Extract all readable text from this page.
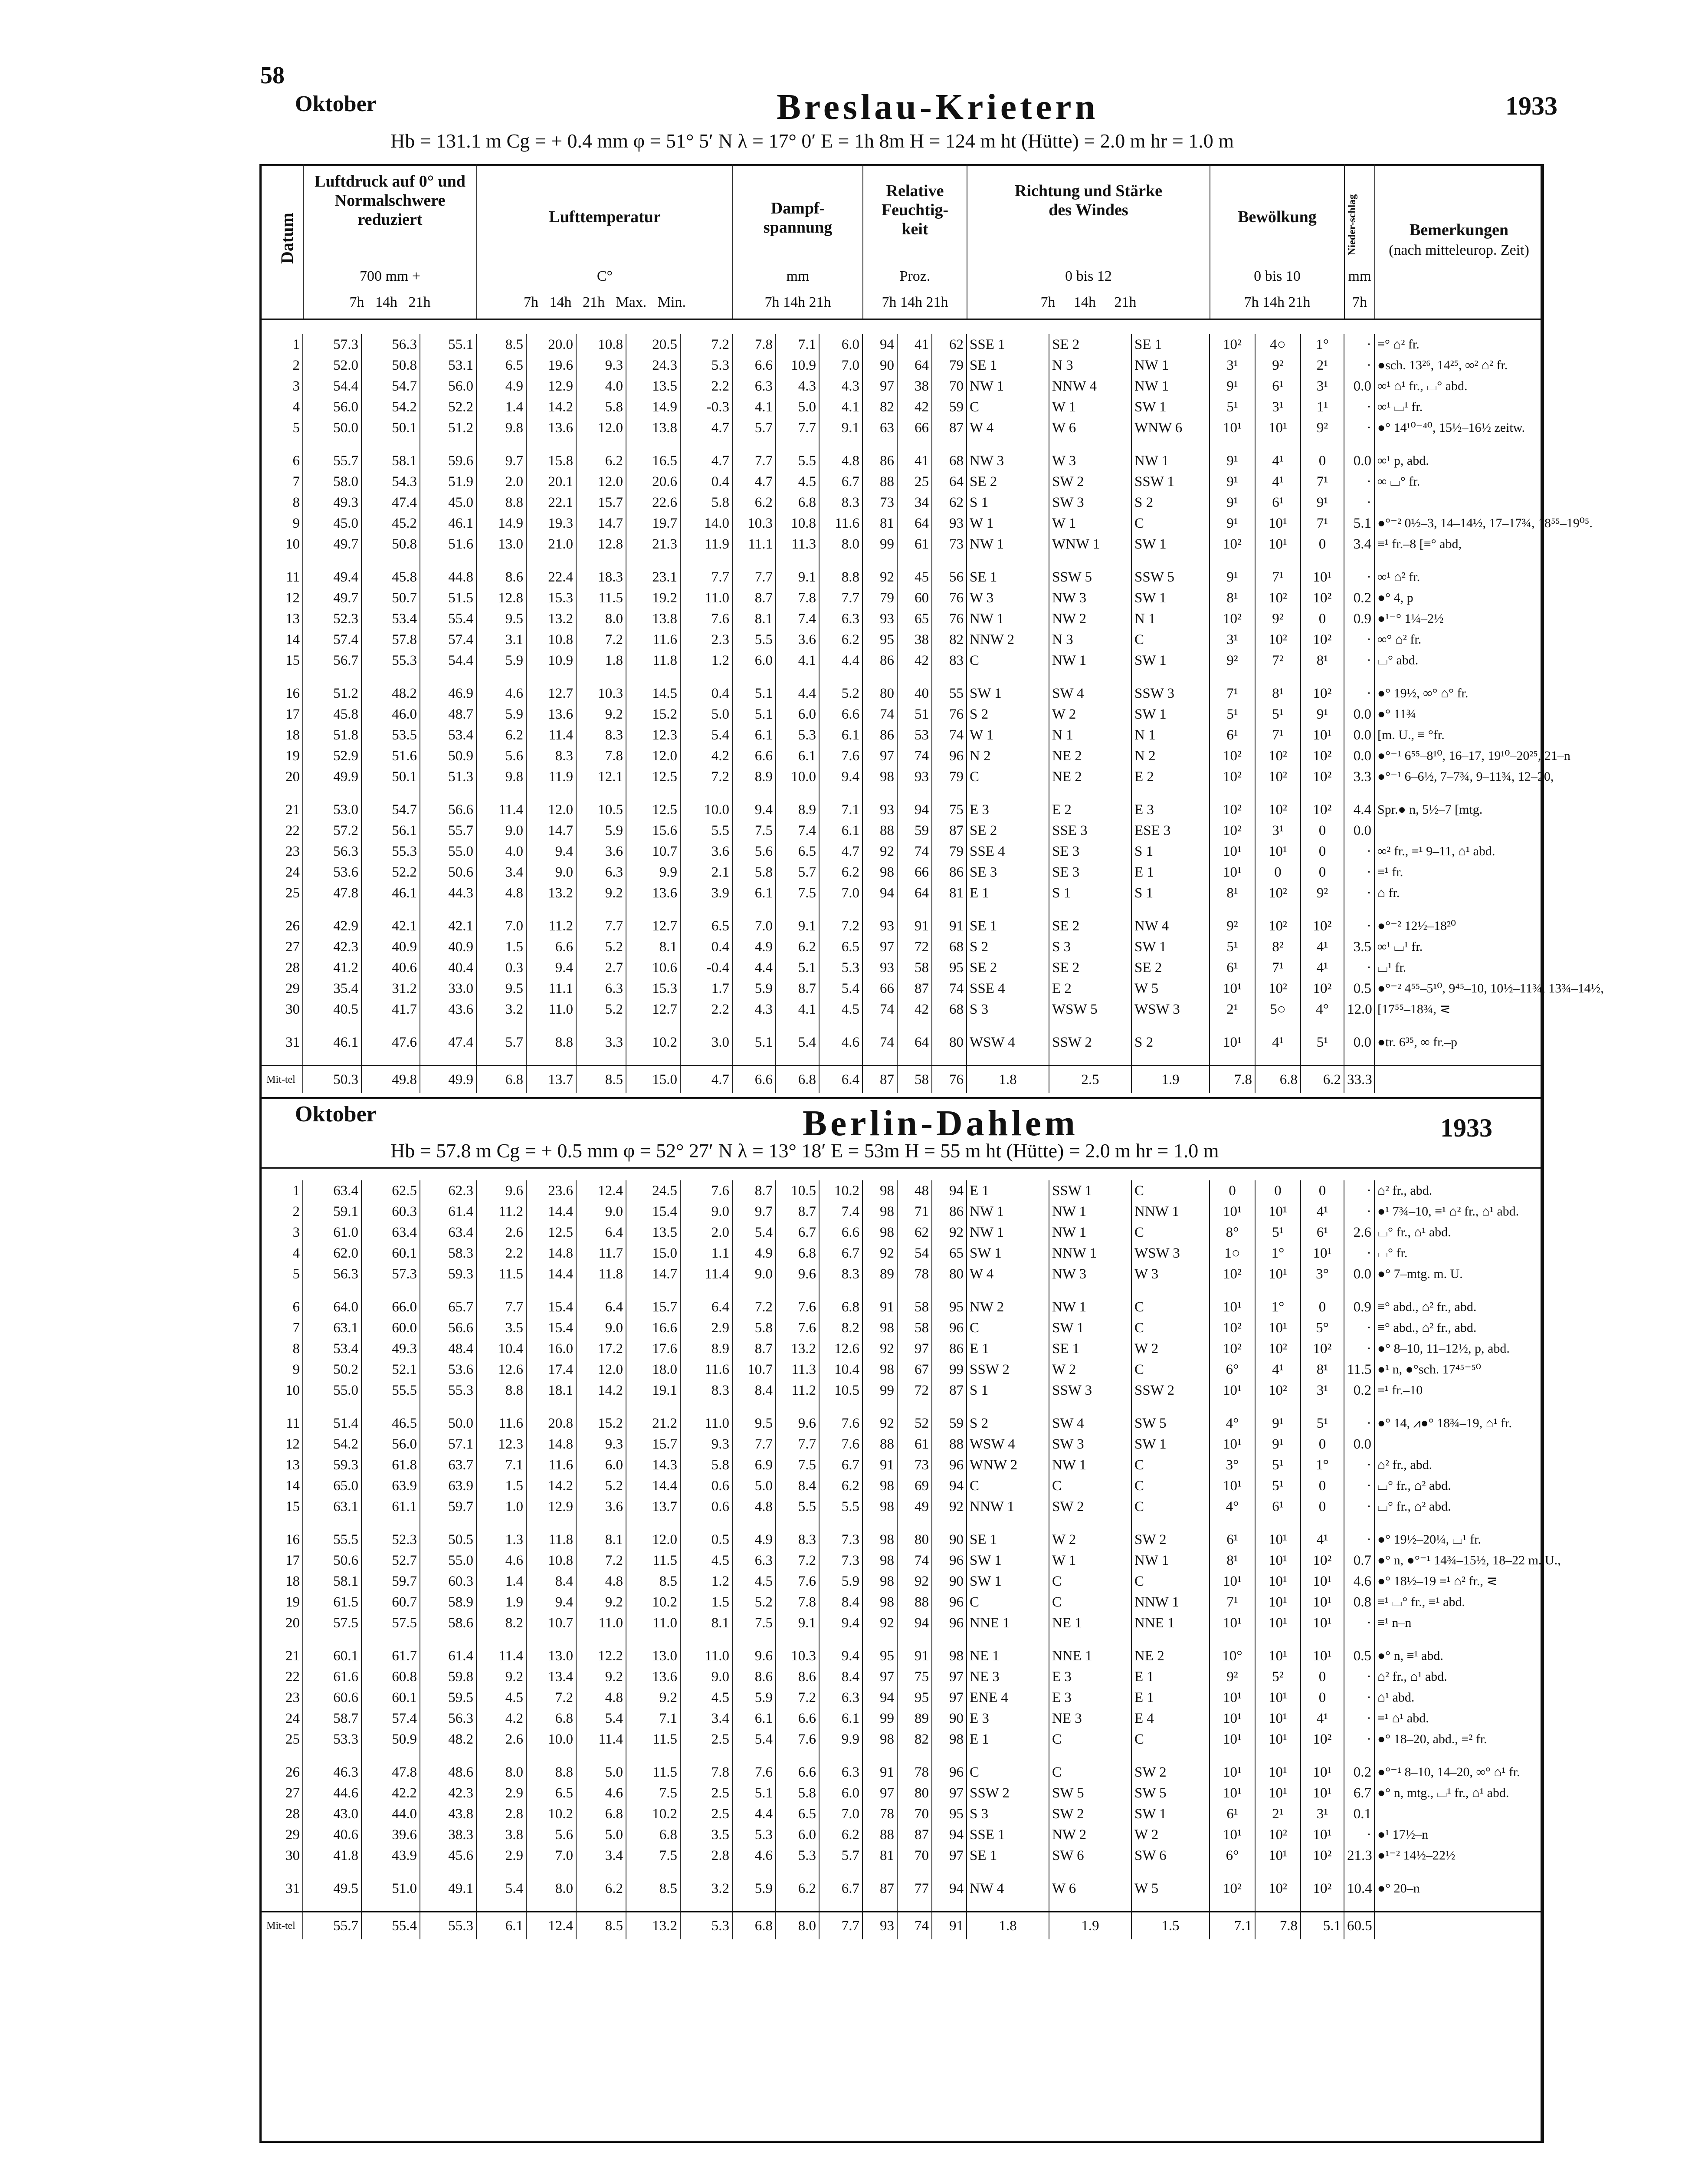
58
Oktober	Breslau-Krietern	1933
Hb = 131.1 m Cg = + 0.4 mm φ = 51° 5′ N λ = 17° 0′ E = 1h 8m H = 124 m ht (Hütte) = 2.0 m hr = 1.0 m
Datum
Luftdruck auf 0° und Normalschwere reduziert
700 mm +
7h 14h 21h
Lufttemperatur
C°
7h 14h 21h Max. Min.
Dampf-spannung
mm
7h 14h 21h
Relative Feuchtig-keit
Proz.
7h 14h 21h
Richtung und Stärke des Windes
0 bis 12
7h 14h 21h
Bewölkung
0 bis 10
7h 14h 21h
Nieder-schlag
mm
7h
Bemerkungen
(nach mitteleurop. Zeit)
1	57.3	56.3	55.1	8.5	20.0	10.8	20.5	7.2	7.8	7.1	6.0	94	41	62	SSE 1	SE 2	SE 1	10²	4○	1°	·	≡° ⌂² fr.
2	52.0	50.8	53.1	6.5	19.6	9.3	24.3	5.3	6.6	10.9	7.0	90	64	79	SE 1	N 3	NW 1	3¹	9²	2¹	·	●sch. 13²⁶, 14²⁵, ∞² ⌂² fr.
3	54.4	54.7	56.0	4.9	12.9	4.0	13.5	2.2	6.3	4.3	4.3	97	38	70	NW 1	NNW 4	NW 1	9¹	6¹	3¹	0.0	∞¹ ⌂¹ fr., ⌴° abd.
4	56.0	54.2	52.2	1.4	14.2	5.8	14.9	-0.3	4.1	5.0	4.1	82	42	59	C	W 1	SW 1	5¹	3¹	1¹	·	∞¹ ⌴¹ fr.
5	50.0	50.1	51.2	9.8	13.6	12.0	13.8	4.7	5.7	7.7	9.1	63	66	87	W 4	W 6	WNW 6	10¹	10¹	9²	·	●° 14¹⁰⁻⁴⁰, 15½–16½ zeitw.

6	55.7	58.1	59.6	9.7	15.8	6.2	16.5	4.7	7.7	5.5	4.8	86	41	68	NW 3	W 3	NW 1	9¹	4¹	0	0.0	∞¹ p, abd.
7	58.0	54.3	51.9	2.0	20.1	12.0	20.6	0.4	4.7	4.5	6.7	88	25	64	SE 2	SW 2	SSW 1	9¹	4¹	7¹	·	∞ ⌴° fr.
8	49.3	47.4	45.0	8.8	22.1	15.7	22.6	5.8	6.2	6.8	8.3	73	34	62	S 1	SW 3	S 2	9¹	6¹	9¹	·	
9	45.0	45.2	46.1	14.9	19.3	14.7	19.7	14.0	10.3	10.8	11.6	81	64	93	W 1	W 1	C	9¹	10¹	7¹	5.1	●°⁻² 0½–3, 14–14½, 17–17¾, 18⁵⁵–19⁰⁵.
10	49.7	50.8	51.6	13.0	21.0	12.8	21.3	11.9	11.1	11.3	8.0	99	61	73	NW 1	WNW 1	SW 1	10²	10¹	0	3.4	≡¹ fr.–8 [≡° abd,

11	49.4	45.8	44.8	8.6	22.4	18.3	23.1	7.7	7.7	9.1	8.8	92	45	56	SE 1	SSW 5	SSW 5	9¹	7¹	10¹	·	∞¹ ⌂² fr.
12	49.7	50.7	51.5	12.8	15.3	11.5	19.2	11.0	8.7	7.8	7.7	79	60	76	W 3	NW 3	SW 1	8¹	10²	10²	0.2	●° 4, p
13	52.3	53.4	55.4	9.5	13.2	8.0	13.8	7.6	8.1	7.4	6.3	93	65	76	NW 1	NW 2	N 1	10²	9²	0	0.9	●¹⁻° 1¼–2½
14	57.4	57.8	57.4	3.1	10.8	7.2	11.6	2.3	5.5	3.6	6.2	95	38	82	NNW 2	N 3	C	3¹	10²	10²	·	∞° ⌂² fr.
15	56.7	55.3	54.4	5.9	10.9	1.8	11.8	1.2	6.0	4.1	4.4	86	42	83	C	NW 1	SW 1	9²	7²	8¹	·	⌴° abd.

16	51.2	48.2	46.9	4.6	12.7	10.3	14.5	0.4	5.1	4.4	5.2	80	40	55	SW 1	SW 4	SSW 3	7¹	8¹	10²	·	●° 19½, ∞° ⌂° fr.
17	45.8	46.0	48.7	5.9	13.6	9.2	15.2	5.0	5.1	6.0	6.6	74	51	76	S 2	W 2	SW 1	5¹	5¹	9¹	0.0	●° 11¾
18	51.8	53.5	53.4	6.2	11.4	8.3	12.3	5.4	6.1	5.3	6.1	86	53	74	W 1	N 1	N 1	6¹	7¹	10¹	0.0	[m. U., ≡ °fr.
19	52.9	51.6	50.9	5.6	8.3	7.8	12.0	4.2	6.6	6.1	7.6	97	74	96	N 2	NE 2	N 2	10²	10²	10²	0.0	●°⁻¹ 6⁵⁵–8¹⁰, 16–17, 19¹⁰–20²⁵, 21–n
20	49.9	50.1	51.3	9.8	11.9	12.1	12.5	7.2	8.9	10.0	9.4	98	93	79	C	NE 2	E 2	10²	10²	10²	3.3	●°⁻¹ 6–6½, 7–7¾, 9–11¾, 12–20,

21	53.0	54.7	56.6	11.4	12.0	10.5	12.5	10.0	9.4	8.9	7.1	93	94	75	E 3	E 2	E 3	10²	10²	10²	4.4	Spr.● n, 5½–7 [mtg.
22	57.2	56.1	55.7	9.0	14.7	5.9	15.6	5.5	7.5	7.4	6.1	88	59	87	SE 2	SSE 3	ESE 3	10²	3¹	0	0.0	
23	56.3	55.3	55.0	4.0	9.4	3.6	10.7	3.6	5.6	6.5	4.7	92	74	79	SSE 4	SE 3	S 1	10¹	10¹	0	·	∞² fr., ≡¹ 9–11, ⌂¹ abd.
24	53.6	52.2	50.6	3.4	9.0	6.3	9.9	2.1	5.8	5.7	6.2	98	66	86	SE 3	SE 3	E 1	10¹	0	0	·	≡¹ fr.
25	47.8	46.1	44.3	4.8	13.2	9.2	13.6	3.9	6.1	7.5	7.0	94	64	81	E 1	S 1	S 1	8¹	10²	9²	·	⌂ fr.

26	42.9	42.1	42.1	7.0	11.2	7.7	12.7	6.5	7.0	9.1	7.2	93	91	91	SE 1	SE 2	NW 4	9²	10²	10²	·	●°⁻² 12½–18²⁰
27	42.3	40.9	40.9	1.5	6.6	5.2	8.1	0.4	4.9	6.2	6.5	97	72	68	S 2	S 3	SW 1	5¹	8²	4¹	3.5	∞¹ ⌴¹ fr.
28	41.2	40.6	40.4	0.3	9.4	2.7	10.6	-0.4	4.4	5.1	5.3	93	58	95	SE 2	SE 2	SE 2	6¹	7¹	4¹	·	⌴¹ fr.
29	35.4	31.2	33.0	9.5	11.1	6.3	15.3	1.7	5.9	8.7	5.4	66	87	74	SSE 4	E 2	W 5	10¹	10²	10²	0.5	●°⁻² 4⁵⁵–5¹⁰, 9⁴⁵–10, 10½–11¾, 13¾–14½,
30	40.5	41.7	43.6	3.2	11.0	5.2	12.7	2.2	4.3	4.1	4.5	74	42	68	S 3	WSW 5	WSW 3	2¹	5○	4°	12.0	[17⁵⁵–18¾, ⋜

31	46.1	47.6	47.4	5.7	8.8	3.3	10.2	3.0	5.1	5.4	4.6	74	64	80	WSW 4	SSW 2	S 2	10¹	4¹	5¹	0.0	●tr. 6³⁵, ∞ fr.–p

Mit-tel	50.3	49.8	49.9	6.8	13.7	8.5	15.0	4.7	6.6	6.8	6.4	87	58	76	1.8	2.5	1.9	7.8	6.8	6.2	33.3	
Oktober	Berlin-Dahlem	1933
Hb = 57.8 m Cg = + 0.5 mm φ = 52° 27′ N λ = 13° 18′ E = 53m H = 55 m ht (Hütte) = 2.0 m hr = 1.0 m
1	63.4	62.5	62.3	9.6	23.6	12.4	24.5	7.6	8.7	10.5	10.2	98	48	94	E 1	SSW 1	C	0	0	0	·	⌂² fr., abd.
2	59.1	60.3	61.4	11.2	14.4	9.0	15.4	9.0	9.7	8.7	7.4	98	71	86	NW 1	NW 1	NNW 1	10¹	10¹	4¹	·	●¹ 7¾–10, ≡¹ ⌂² fr., ⌂¹ abd.
3	61.0	63.4	63.4	2.6	12.5	6.4	13.5	2.0	5.4	6.7	6.6	98	62	92	NW 1	NW 1	C	8°	5¹	6¹	2.6	⌴° fr., ⌂¹ abd.
4	62.0	60.1	58.3	2.2	14.8	11.7	15.0	1.1	4.9	6.8	6.7	92	54	65	SW 1	NNW 1	WSW 3	1○	1°	10¹	·	⌴° fr.
5	56.3	57.3	59.3	11.5	14.4	11.8	14.7	11.4	9.0	9.6	8.3	89	78	80	W 4	NW 3	W 3	10²	10¹	3°	0.0	●° 7–mtg. m. U.

6	64.0	66.0	65.7	7.7	15.4	6.4	15.7	6.4	7.2	7.6	6.8	91	58	95	NW 2	NW 1	C	10¹	1°	0	0.9	≡° abd., ⌂² fr., abd.
7	63.1	60.0	56.6	3.5	15.4	9.0	16.6	2.9	5.8	7.6	8.2	98	58	96	C	SW 1	C	10²	10¹	5°	·	≡° abd., ⌂² fr., abd.
8	53.4	49.3	48.4	10.4	16.0	17.2	17.6	8.9	8.7	13.2	12.6	92	97	86	E 1	SE 1	W 2	10²	10²	10²	·	●° 8–10, 11–12½, p, abd.
9	50.2	52.1	53.6	12.6	17.4	12.0	18.0	11.6	10.7	11.3	10.4	98	67	99	SSW 2	W 2	C	6°	4¹	8¹	11.5	●¹ n, ●°sch. 17⁴⁵⁻⁵⁰
10	55.0	55.5	55.3	8.8	18.1	14.2	19.1	8.3	8.4	11.2	10.5	99	72	87	S 1	SSW 3	SSW 2	10¹	10²	3¹	0.2	≡¹ fr.–10

11	51.4	46.5	50.0	11.6	20.8	15.2	21.2	11.0	9.5	9.6	7.6	92	52	59	S 2	SW 4	SW 5	4°	9¹	5¹	·	●° 14, ⩘●° 18¾–19, ⌂¹ fr.
12	54.2	56.0	57.1	12.3	14.8	9.3	15.7	9.3	7.7	7.7	7.6	88	61	88	WSW 4	SW 3	SW 1	10¹	9¹	0	0.0	
13	59.3	61.8	63.7	7.1	11.6	6.0	14.3	5.8	6.9	7.5	6.7	91	73	96	WNW 2	NW 1	C	3°	5¹	1°	·	⌂² fr., abd.
14	65.0	63.9	63.9	1.5	14.2	5.2	14.4	0.6	5.0	8.4	6.2	98	69	94	C	C	C	10¹	5¹	0	·	⌴° fr., ⌂² abd.
15	63.1	61.1	59.7	1.0	12.9	3.6	13.7	0.6	4.8	5.5	5.5	98	49	92	NNW 1	SW 2	C	4°	6¹	0	·	⌴° fr., ⌂² abd.

16	55.5	52.3	50.5	1.3	11.8	8.1	12.0	0.5	4.9	8.3	7.3	98	80	90	SE 1	W 2	SW 2	6¹	10¹	4¹	·	●° 19½–20¼, ⌴¹ fr.
17	50.6	52.7	55.0	4.6	10.8	7.2	11.5	4.5	6.3	7.2	7.3	98	74	96	SW 1	W 1	NW 1	8¹	10¹	10²	0.7	●° n, ●°⁻¹ 14¾–15½, 18–22 m. U.,
18	58.1	59.7	60.3	1.4	8.4	4.8	8.5	1.2	4.5	7.6	5.9	98	92	90	SW 1	C	C	10¹	10¹	10¹	4.6	●° 18½–19 ≡¹ ⌂² fr., ⋜
19	61.5	60.7	58.9	1.9	9.4	9.2	10.2	1.5	5.2	7.8	8.4	98	88	96	C	C	NNW 1	7¹	10¹	10¹	0.8	≡¹ ⌴° fr., ≡¹ abd.
20	57.5	57.5	58.6	8.2	10.7	11.0	11.0	8.1	7.5	9.1	9.4	92	94	96	NNE 1	NE 1	NNE 1	10¹	10¹	10¹	·	≡¹ n–n

21	60.1	61.7	61.4	11.4	13.0	12.2	13.0	11.0	9.6	10.3	9.4	95	91	98	NE 1	NNE 1	NE 2	10°	10¹	10¹	0.5	●° n, ≡¹ abd.
22	61.6	60.8	59.8	9.2	13.4	9.2	13.6	9.0	8.6	8.6	8.4	97	75	97	NE 3	E 3	E 1	9²	5²	0	·	⌂² fr., ⌂¹ abd.
23	60.6	60.1	59.5	4.5	7.2	4.8	9.2	4.5	5.9	7.2	6.3	94	95	97	ENE 4	E 3	E 1	10¹	10¹	0	·	⌂¹ abd.
24	58.7	57.4	56.3	4.2	6.8	5.4	7.1	3.4	6.1	6.6	6.1	99	89	90	E 3	NE 3	E 4	10¹	10¹	4¹	·	≡¹ ⌂¹ abd.
25	53.3	50.9	48.2	2.6	10.0	11.4	11.5	2.5	5.4	7.6	9.9	98	82	98	E 1	C	C	10¹	10¹	10²	·	●° 18–20, abd., ≡² fr.

26	46.3	47.8	48.6	8.0	8.8	5.0	11.5	7.8	7.6	6.6	6.3	91	78	96	C	C	SW 2	10¹	10¹	10¹	0.2	●°⁻¹ 8–10, 14–20, ∞° ⌂¹ fr.
27	44.6	42.2	42.3	2.9	6.5	4.6	7.5	2.5	5.1	5.8	6.0	97	80	97	SSW 2	SW 5	SW 5	10¹	10¹	10¹	6.7	●° n, mtg., ⌴¹ fr., ⌂¹ abd.
28	43.0	44.0	43.8	2.8	10.2	6.8	10.2	2.5	4.4	6.5	7.0	78	70	95	S 3	SW 2	SW 1	6¹	2¹	3¹	0.1	
29	40.6	39.6	38.3	3.8	5.6	5.0	6.8	3.5	5.3	6.0	6.2	88	87	94	SSE 1	NW 2	W 2	10¹	10²	10¹	·	●¹ 17½–n
30	41.8	43.9	45.6	2.9	7.0	3.4	7.5	2.8	4.6	5.3	5.7	81	70	97	SE 1	SW 6	SW 6	6°	10¹	10²	21.3	●¹⁻² 14½–22½

31	49.5	51.0	49.1	5.4	8.0	6.2	8.5	3.2	5.9	6.2	6.7	87	77	94	NW 4	W 6	W 5	10²	10²	10²	10.4	●° 20–n

Mit-tel	55.7	55.4	55.3	6.1	12.4	8.5	13.2	5.3	6.8	8.0	7.7	93	74	91	1.8	1.9	1.5	7.1	7.8	5.1	60.5	
